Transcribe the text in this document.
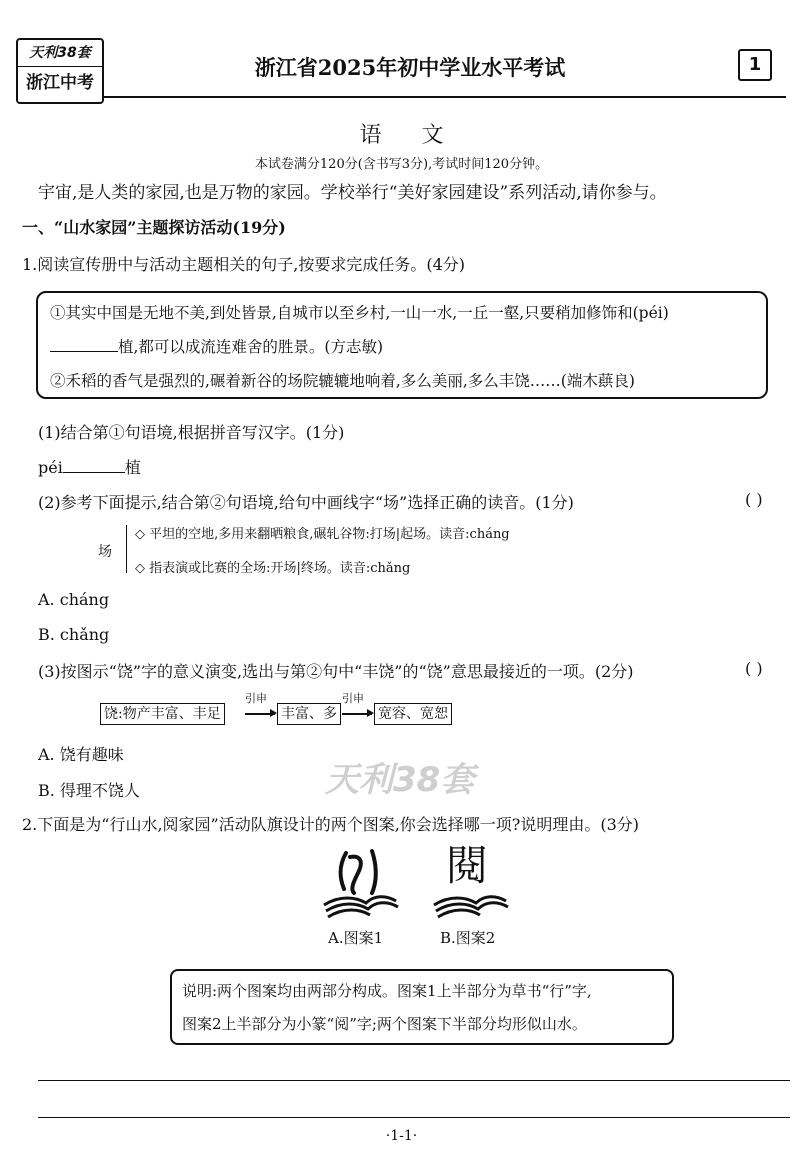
天利38套
浙江中考
浙江省2025年初中学业水平考试	1
语文
本试卷满分120分(含书写3分),考试时间120分钟。
宇宙,是人类的家园,也是万物的家园。学校举行“美好家园建设”系列活动,请你参与。
一、“山水家园”主题探访活动(19分)
1.阅读宣传册中与活动主题相关的句子,按要求完成任务。(4分)
①其实中国是无地不美,到处皆景,自城市以至乡村,一山一水,一丘一壑,只要稍加修饰和(péi)
植,都可以成流连难舍的胜景。(方志敏)
②禾稻的香气是强烈的,碾着新谷的场院辘辘地响着,多么美丽,多么丰饶……(端木蕻良)
(1)结合第①句语境,根据拼音写汉字。(1分)
péi	植
(2)参考下面提示,结合第②句语境,给句中画线字“场”选择正确的读音。(1分)	( )
场
◇ 平坦的空地,多用来翻晒粮食,碾轧谷物:打场|起场。读音:cháng
◇ 指表演或比赛的全场:开场|终场。读音:chǎng
A. cháng
B. chǎng
(3)按图示“饶”字的意义演变,选出与第②句中“丰饶”的“饶”意思最接近的一项。(2分)	( )
饶:物产丰富、丰足
引申
丰富、多
引申
宽容、宽恕
A. 饶有趣味
B. 得理不饶人	天利38套
2.下面是为“行山水,阅家园”活动队旗设计的两个图案,你会选择哪一项?说明理由。(3分)
閱
A.图案1	B.图案2
说明:两个图案均由两部分构成。图案1上半部分为草书“行”字,
图案2上半部分为小篆“阅”字;两个图案下半部分均形似山水。
·1-1·
